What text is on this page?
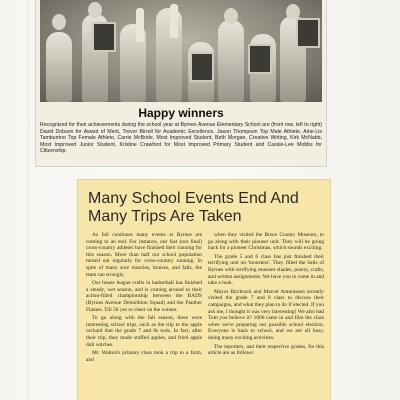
Happy winners
Recognized for their achievements during the school year at Byrnes Avenue Elementary School are (front row, left to right) David Dobson for Award of Merit, Trevor Birrell for Academic Excellence, Jason Thompson Top Male Athlete, Aine-Lis Tamburrino Top Female Athlete, Carrie McBride, Most Improved Student, Beth Morgan, Creative Writing, Kirk McNabb, Most Improved Junior Student, Kristine Crawford for Most Improved Primary Student and Cassie-Lee Mobbs for Citizenship.
Many School Events End And Many Trips Are Taken

As fall continues many events at Byrnes are coming to an end. For instance, our fast (not final) cross-country athletes have finished their running for this season. More than half our school population turned out regularly for cross-country running. In spite of many sore muscles, bruises, and falls, the team ran strongly.

Our house league crafts in basketball has finished a steady, wet season, and is coming around to their action-filled championship between the BADS (Byrnes Avenue Demolition Squad) and the Panther Flames. Till 50 yes to cheer on the winner.

To go along with the fall season, there were interesting school trips, such as the trip to the apple orchard that the grade 7 and 8s took. In fact, after their trip, they made stuffed apples, and fried apple doll witches.

Mr. Walton's primary class took a trip to a farm, and

when they visited the Bruce County Museum, to go along with their pioneer unit. They will be going back for a pioneer Christmas, which sounds exciting.

The grade 5 and 6 class has just finished their terrifying unit on 'monsters'. They filled the halls of Byrnes with terrifying monster shades, poetry, crafts, and written assignments. We have you to come in and take a look.

Mayor Birchrack and Marcel Antonissen recently visited the grade 7 and 8 class to discuss their campaigns, and what they plan to do if elected. If you ask me, I thought it was very interesting! We also had Tom you believe it? 1000 came in and film the class when we're preparing our possible school election. Everyone is back to school, and we are all busy, doing many exciting activities.

The reporters, and their respective grades, for this article are as follows:
